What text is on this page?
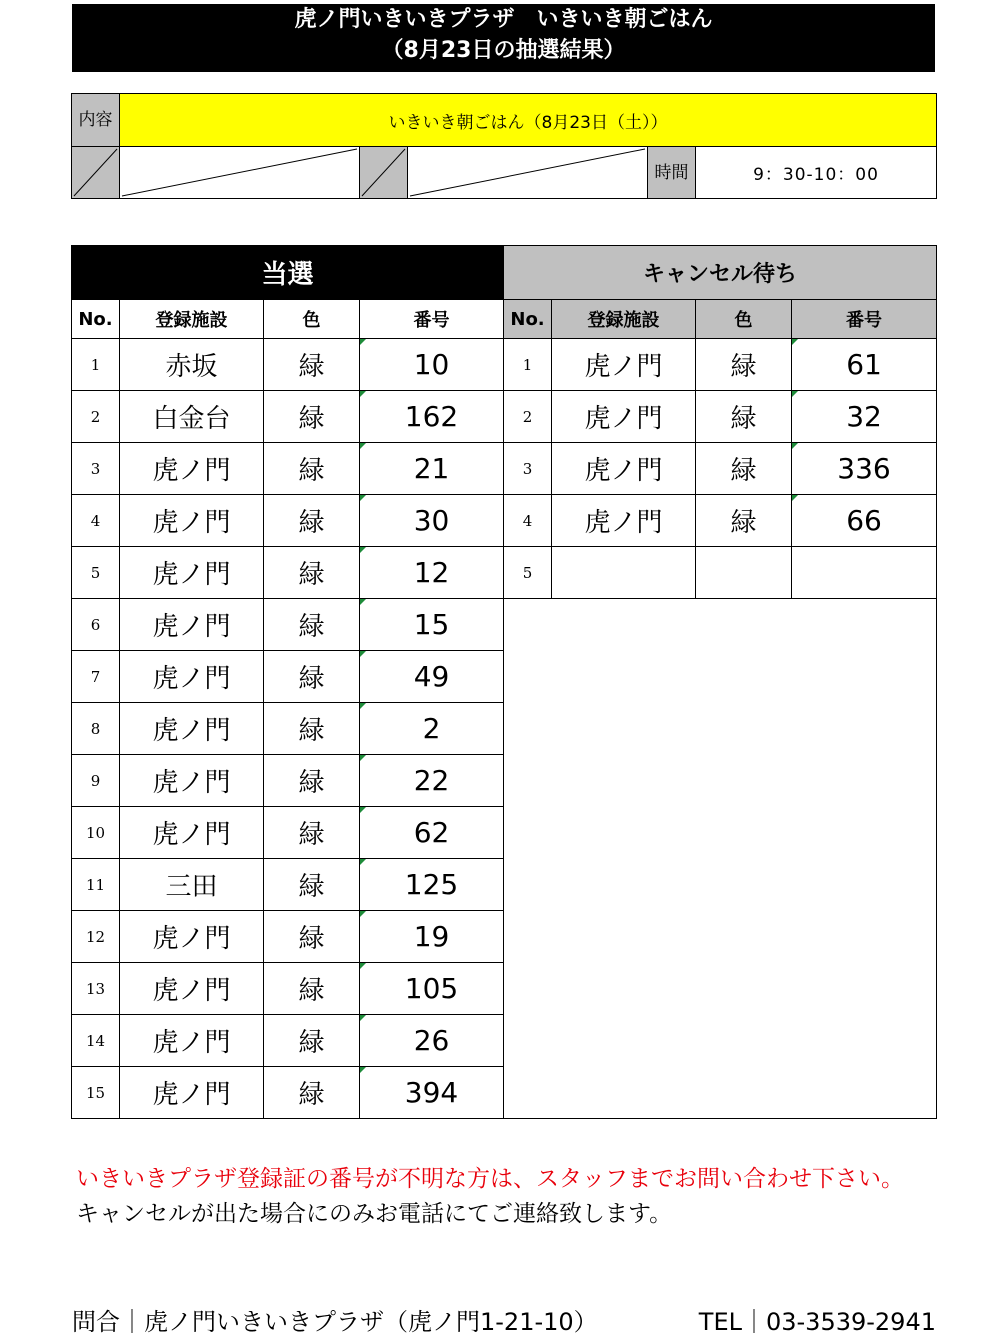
虎ノ門いきいきプラザ　いきいき朝ごはん
（8月23日の抽選結果）
内容	いきいき朝ごはん（8月23日（土））				

	時間	9：30-10：00
当選				キャンセル待ち			
No.	登録施設	色	番号	No.	登録施設	色	番号
1	赤坂	緑	10	1	虎ノ門	緑	61
2	白金台	緑	162	2	虎ノ門	緑	32
3	虎ノ門	緑	21	3	虎ノ門	緑	336
4	虎ノ門	緑	30	4	虎ノ門	緑	66
5	虎ノ門	緑	12	5			
6	虎ノ門	緑	15				
7	虎ノ門	緑	49				
8	虎ノ門	緑	2				
9	虎ノ門	緑	22				
10	虎ノ門	緑	62				
11	三田	緑	125				
12	虎ノ門	緑	19				
13	虎ノ門	緑	105				
14	虎ノ門	緑	26				
15	虎ノ門	緑	394				
いきいきプラザ登録証の番号が不明な方は、スタッフまでお問い合わせ下さい。
キャンセルが出た場合にのみお電話にてご連絡致します。
問合｜虎ノ門いきいきプラザ（虎ノ門1-21-10）	TEL｜03-3539-2941
